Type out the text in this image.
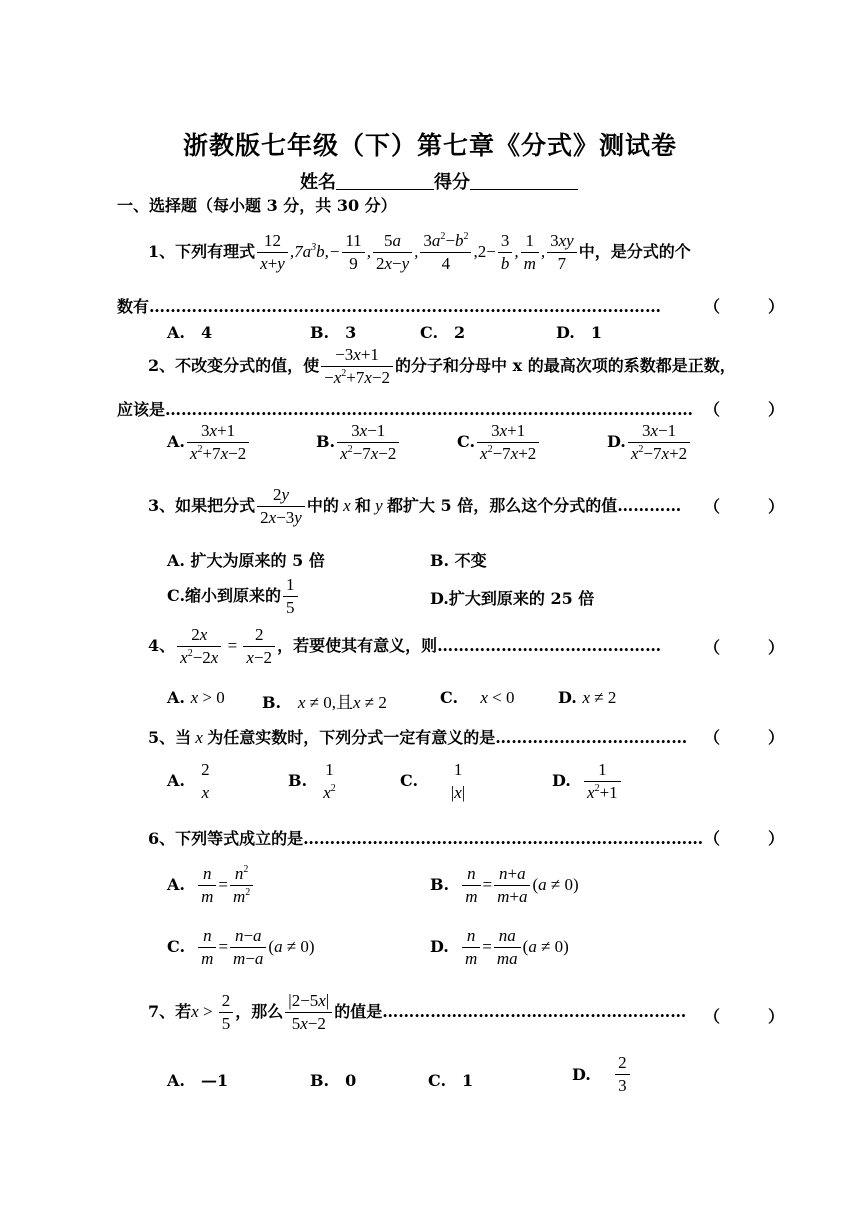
浙教版七年级（下）第七章《分式》测试卷
姓名	得分
一、选择题（每小题 3 分，共 30 分）
1、下列有理式 $\frac{12}{x+y} ,7a^3b,- \frac{11}{9}$ , $\frac{5a}{2x-y}$ , $\frac{3a^2-b^2}{4} ,2- \frac{3}{b}$ , $\frac{1}{m}$ , $\frac{3xy}{7}$ 中，是分式的个
数有……………………………………………………………………………………	（　　　）
A.　4	B.　3	C.　2	D.　1
2、不改变分式的值，使 $\frac{-3x+1}{-x^2+7x-2}$ 的分子和分母中 x 的最高次项的系数都是正数，
应该是……………………………………………………………………………………… （　　　）
A. $\frac{3x+1}{x^2+7x-2}$	B. $\frac{3x-1}{x^2-7x-2}$	C. $\frac{3x+1}{x^2-7x+2}$	D. $\frac{3x-1}{x^2-7x+2}$
3、如果把分式 $\frac{2y}{2x-3y}$ 中的 x 和 y 都扩大 5 倍，那么这个分式的值………… （　　　）
A. 扩大为原来的 5 倍	B. 不变
C.缩小到原来的 $\frac{1}{5}$	D.扩大到原来的 25 倍
4、 $\frac{2x}{x^2-2x} = \frac{2}{x-2}$ ，若要使其有意义，则……………………………………	（　　　）
A. x > 0 B. x ≠ 0,且x ≠ 2	C. x < 0	D. x ≠ 2
5、当 x 为任意实数时，下列分式一定有意义的是……………………………… （　　　）
A. $\frac{2}{x}$	B. $\frac{1}{x^2}$	C. $\frac{1}{|x|}$	D. $\frac{1}{x^2+1}$
6、下列等式成立的是………………………………………………………………… （　　　）
A. $\frac{n}{m} = \frac{n^2}{m^2}$	B. $\frac{n}{m} = \frac{n+a}{m+a} (a \ne 0)$
C. $\frac{n}{m} = \frac{n-a}{m-a} (a \ne 0)$	D. $\frac{n}{m} = \frac{na}{ma} (a \ne 0)$
7、若$x > \frac{2}{5}$ ，那么 $\frac{|2-5x|}{5x-2}$ 的值是………………………………………………… （　　　）
A.　—1	B.　0	C.　1	D. $\frac{2}{3}$
